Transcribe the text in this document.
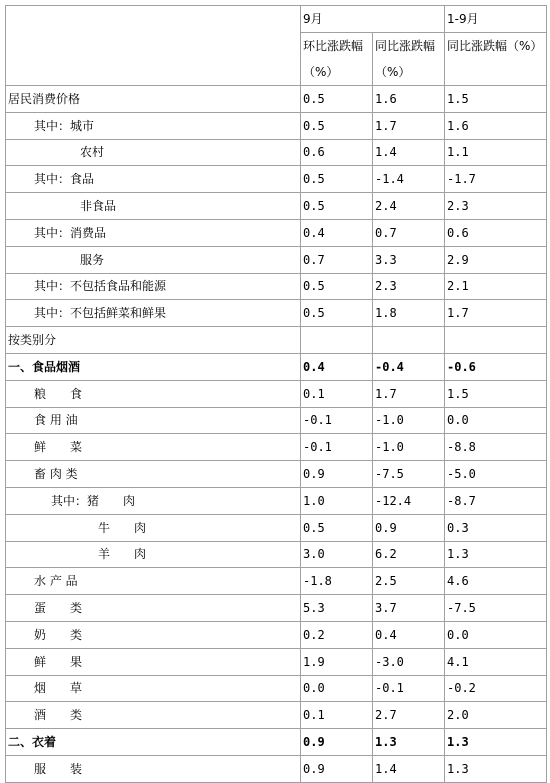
	9月		1-9月
	环比涨跌幅（%）	同比涨跌幅（%）	同比涨跌幅（%）

居民消费价格	0.5	1.6	1.5
其中：城市	0.5	1.7	1.6
农村	0.6	1.4	1.1
其中：食品	0.5	-1.4	-1.7
非食品	0.5	2.4	2.3
其中：消费品	0.4	0.7	0.6
服务	0.7	3.3	2.9
其中：不包括食品和能源	0.5	2.3	2.1
其中：不包括鲜菜和鲜果	0.5	1.8	1.7
按类别分			
一、食品烟酒	0.4	-0.4	-0.6
粮　　食	0.1	1.7	1.5
食 用 油	-0.1	-1.0	0.0
鲜　　菜	-0.1	-1.0	-8.8
畜 肉 类	0.9	-7.5	-5.0
其中：猪　　肉	1.0	-12.4	-8.7
牛　　肉	0.5	0.9	0.3
羊　　肉	3.0	6.2	1.3
水 产 品	-1.8	2.5	4.6
蛋　　类	5.3	3.7	-7.5
奶　　类	0.2	0.4	0.0
鲜　　果	1.9	-3.0	4.1
烟　　草	0.0	-0.1	-0.2
酒　　类	0.1	2.7	2.0
二、衣着	0.9	1.3	1.3
服　　装	0.9	1.4	1.3
